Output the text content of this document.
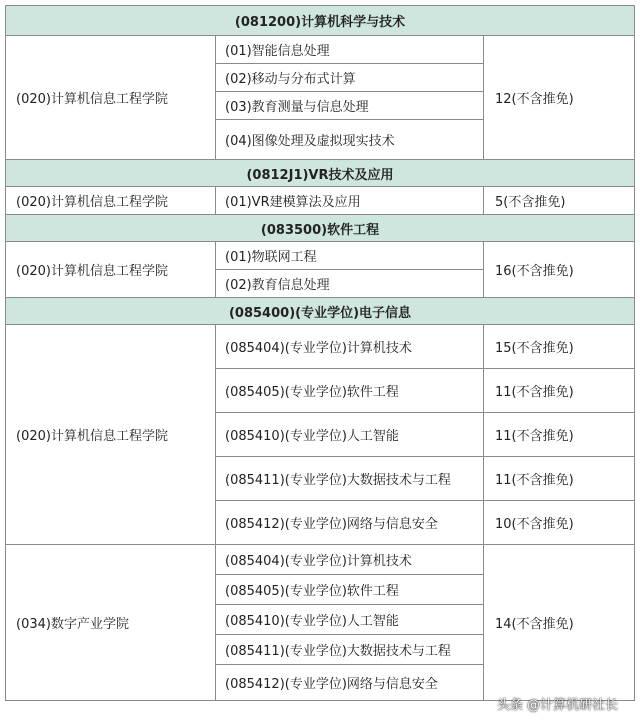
(081200)计算机科学与技术		
(020)计算机信息工程学院	(01)智能信息处理	12(不含推免)
	(02)移动与分布式计算	
	(03)教育测量与信息处理	
	(04)图像处理及虚拟现实技术	
(0812J1)VR技术及应用		
(020)计算机信息工程学院	(01)VR建模算法及应用	5(不含推免)
(083500)软件工程		
(020)计算机信息工程学院	(01)物联网工程	16(不含推免)
	(02)教育信息处理	
(085400)(专业学位)电子信息		
(020)计算机信息工程学院	(085404)(专业学位)计算机技术	15(不含推免)
	(085405)(专业学位)软件工程	11(不含推免)
	(085410)(专业学位)人工智能	11(不含推免)
	(085411)(专业学位)大数据技术与工程	11(不含推免)
	(085412)(专业学位)网络与信息安全	10(不含推免)
(034)数字产业学院	(085404)(专业学位)计算机技术	14(不含推免)
	(085405)(专业学位)软件工程	
	(085410)(专业学位)人工智能	
	(085411)(专业学位)大数据技术与工程	
	(085412)(专业学位)网络与信息安全	
头条 @计算机研社长
